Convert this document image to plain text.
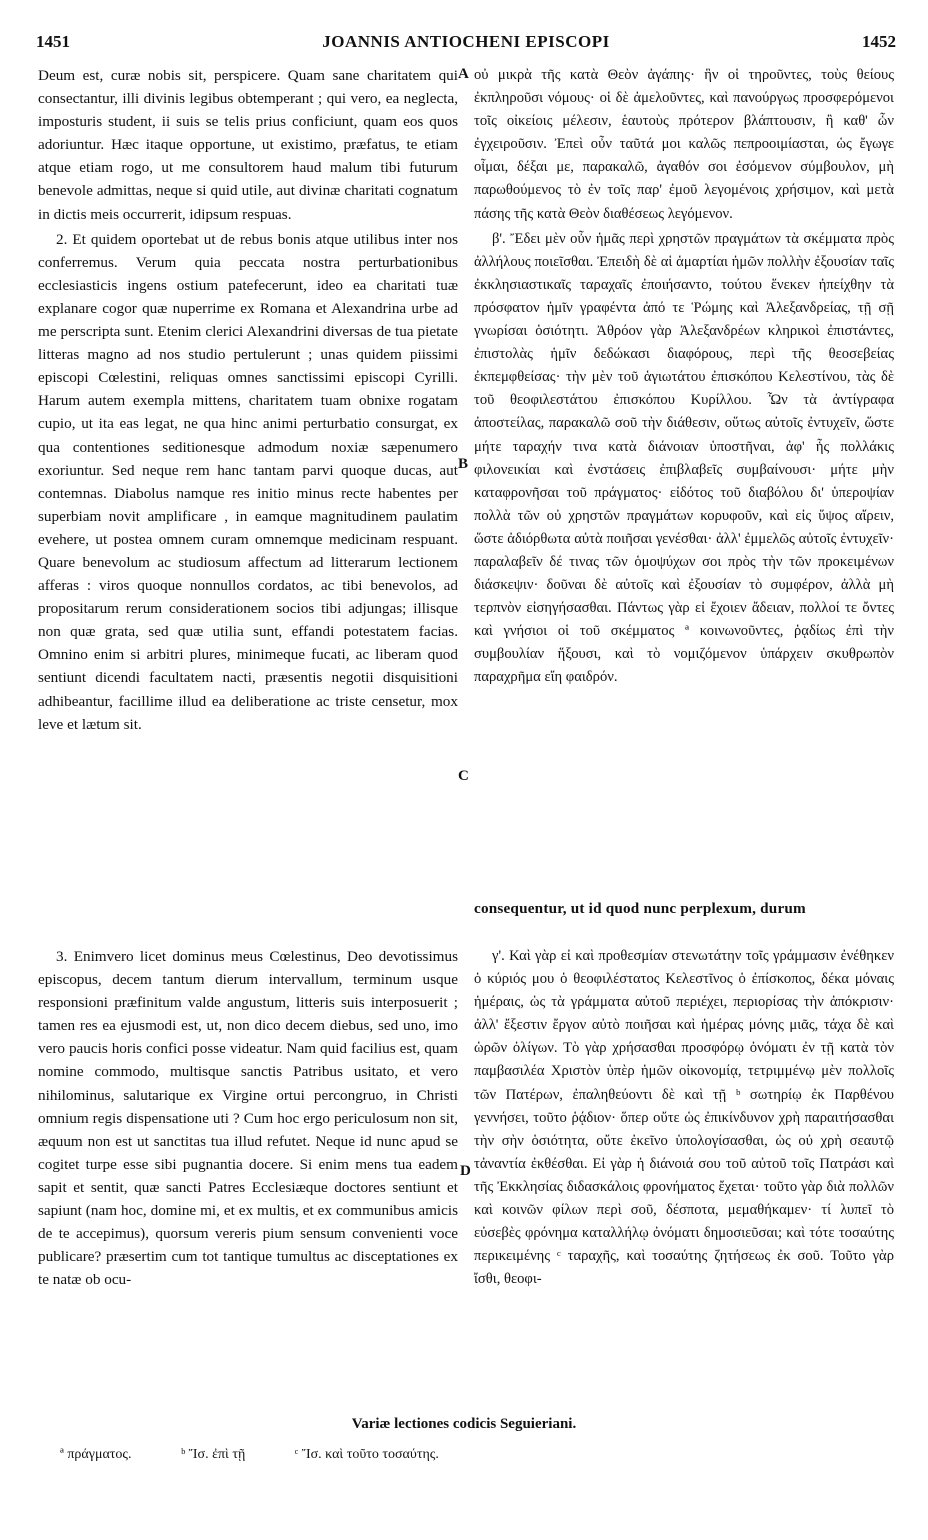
1451	JOANNIS ANTIOCHENI EPISCOPI	1452

Deum est, curæ nobis sit, perspicere. Quam sane charitatem qui consectantur, illi divinis legibus obtemperant ; qui vero, ea neglecta, imposturis student, ii suis se telis prius conficiunt, quam eos quos adoriuntur. Hæc itaque opportune, ut existimo, præfatus, te etiam atque etiam rogo, ut me consultorem haud malum tibi futurum benevole admittas, neque si quid utile, aut divinæ charitati cognatum in dictis meis occurrerit, idipsum respuas.

2. Et quidem oportebat ut de rebus bonis atque utilibus inter nos conferremus. Verum quia peccata nostra perturbationibus ecclesiasticis ingens ostium patefecerunt, ideo ea charitati tuæ explanare cogor quæ nuperrime ex Romana et Alexandrina urbe ad me perscripta sunt. Etenim clerici Alexandrini diversas de tua pietate litteras magno ad nos studio pertulerunt ; unas quidem piissimi episcopi Cœlestini, reliquas omnes sanctissimi episcopi Cyrilli. Harum autem exempla mittens, charitatem tuam obnixe rogatam cupio, ut ita eas legat, ne qua hinc animi perturbatio consurgat, ex qua contentiones seditionesque admodum noxiæ sæpenumero exoriuntur. Sed neque rem hanc tantam parvi quoque ducas, aut contemnas. Diabolus namque res initio minus recte habentes per superbiam novit amplificare , in eamque magnitudinem paulatim evehere, ut postea omnem curam omnemque medicinam respuant. Quare benevolum ac studiosum affectum ad litterarum lectionem afferas : viros quoque nonnullos cordatos, ac tibi benevolos, ad propositarum rerum considerationem socios tibi adjungas; illisque non quæ grata, sed quæ utilia sunt, effandi potestatem facias. Omnino enim si arbitri plures, minimeque fucati, ac liberam quod sentiunt dicendi facultatem nacti, præsentis negotii disquisitioni adhibeantur, facillime illud ea deliberatione ac triste censetur, mox leve et lætum sit.

3. Enimvero licet dominus meus Cœlestinus, Deo devotissimus episcopus, decem tantum dierum intervallum, terminum usque responsioni præfinitum valde angustum, litteris suis interposuerit ; tamen res ea ejusmodi est, ut, non dico decem diebus, sed uno, imo vero paucis horis confici posse videatur. Nam quid facilius est, quam nomine commodo, multisque sanctis Patribus usitato, et vero nihilominus, salutarique ex Virgine ortui percongruo, in Christi omnium regis dispensatione uti ? Cum hoc ergo periculosum non sit, æquum non est ut sanctitas tua illud refutet. Neque id nunc apud se cogitet turpe esse sibi pugnantia docere. Si enim mens tua eadem sapit et sentit, quæ sancti Patres Ecclesiæque doctores sentiunt et sapiunt (nam hoc, domine mi, et ex multis, et ex communibus amicis de te accepimus), quorsum vereris pium sensum convenienti voce publicare? præsertim cum tot tantique tumultus ac disceptationes ex te natæ ob ocu-

οὐ μικρὰ τῆς κατὰ Θεὸν ἀγάπης· ἣν οἱ τηροῦντες, τοὺς θείους ἐκπληροῦσι νόμους· οἱ δὲ ἀμελοῦντες, καὶ πανούργως προσφερόμενοι τοῖς οἰκείοις μέλεσιν, ἑαυτοὺς πρότερον βλάπτουσιν, ἢ καθ' ὧν ἐγχειροῦσιν. Ἐπεὶ οὖν ταῦτά μοι καλῶς πεπροοιμίασται, ὡς ἔγωγε οἶμαι, δέξαι με, παρακαλῶ, ἀγαθόν σοι ἐσόμενον σύμβουλον, μὴ παρωθούμενος τὸ ἐν τοῖς παρ' ἐμοῦ λεγομένοις χρήσιμον, καὶ μετὰ πάσης τῆς κατὰ Θεὸν διαθέσεως λεγόμενον.

β'. Ἔδει μὲν οὖν ἡμᾶς περὶ χρηστῶν πραγμάτων τὰ σκέμματα πρὸς ἀλλήλους ποιεῖσθαι. Ἐπειδὴ δὲ αἱ ἁμαρτίαι ἡμῶν πολλὴν ἐξουσίαν ταῖς ἐκκλησιαστικαῖς ταραχαῖς ἐποιήσαντο, τούτου ἕνεκεν ἠπείχθην τὰ πρόσφατον ἡμῖν γραφέντα ἀπό τε Ῥώμης καὶ Ἀλεξανδρείας, τῇ σῇ γνωρίσαι ὁσιότητι. Ἀθρόον γὰρ Ἀλεξανδρέων κληρικοὶ ἐπιστάντες, ἐπιστολὰς ἡμῖν δεδώκασι διαφόρους, περὶ τῆς θεοσεβείας ἐκπεμφθείσας· τὴν μὲν τοῦ ἁγιωτάτου ἐπισκόπου Κελεστίνου, τὰς δὲ τοῦ θεοφιλεστάτου ἐπισκόπου Κυρίλλου. Ὧν τὰ ἀντίγραφα ἀποστείλας, παρακαλῶ σοῦ τὴν διάθεσιν, οὕτως αὐτοῖς ἐντυχεῖν, ὥστε μήτε ταραχήν τινα κατὰ διάνοιαν ὑποστῆναι, ἀφ' ἧς πολλάκις φιλονεικίαι καὶ ἐνστάσεις ἐπιβλαβεῖς συμβαίνουσι· μήτε μὴν καταφρονῆσαι τοῦ πράγματος· εἰδότος τοῦ διαβόλου δι' ὑπεροψίαν πολλὰ τῶν οὐ χρηστῶν πραγμάτων κορυφοῦν, καὶ εἰς ὕψος αἴρειν, ὥστε ἀδιόρθωτα αὐτὰ ποιῆσαι γενέσθαι· ἀλλ' ἐμμελῶς αὐτοῖς ἐντυχεῖν· παραλαβεῖν δέ τινας τῶν ὁμοψύχων σοι πρὸς τὴν τῶν προκειμένων διάσκεψιν· δοῦναι δὲ αὐτοῖς καὶ ἐξουσίαν τὸ συμφέρον, ἀλλὰ μὴ τερπνὸν εἰσηγήσασθαι. Πάντως γὰρ εἰ ἔχοιεν ἄδειαν, πολλοί τε ὄντες καὶ γνήσιοι οἱ τοῦ σκέμματος ª κοινωνοῦντες, ῥᾳδίως ἐπὶ τὴν συμβουλίαν ἥξουσι, καὶ τὸ νομιζόμενον ὑπάρχειν σκυθρωπὸν παραχρῆμα εἴη φαιδρόν.

consequentur, ut id quod nunc perplexum, durum

γ'. Καὶ γὰρ εἰ καὶ προθεσμίαν στενωτάτην τοῖς γράμμασιν ἐνέθηκεν ὁ κύριός μου ὁ θεοφιλέστατος Κελεστῖνος ὁ ἐπίσκοπος, δέκα μόναις ἡμέραις, ὡς τὰ γράμματα αὐτοῦ περιέχει, περιορίσας τὴν ἀπόκρισιν· ἀλλ' ἔξεστιν ἔργον αὐτὸ ποιῆσαι καὶ ἡμέρας μόνης μιᾶς, τάχα δὲ καὶ ὡρῶν ὀλίγων. Τὸ γὰρ χρήσασθαι προσφόρῳ ὀνόματι ἐν τῇ κατὰ τὸν παμβασιλέα Χριστὸν ὑπὲρ ἡμῶν οἰκονομίᾳ, τετριμμένῳ μὲν πολλοῖς τῶν Πατέρων, ἐπαληθεύοντι δὲ καὶ τῇ ᵇ σωτηρίῳ ἐκ Παρθένου γεννήσει, τοῦτο ῥᾴδιον· ὅπερ οὔτε ὡς ἐπικίνδυνον χρὴ παραιτήσασθαι τὴν σὴν ὁσιότητα, οὔτε ἐκεῖνο ὑπολογίσασθαι, ὡς οὐ χρὴ σεαυτῷ τἀναντία ἐκθέσθαι. Εἰ γὰρ ἡ διάνοιά σου τοῦ αὐτοῦ τοῖς Πατράσι καὶ τῆς Ἐκκλησίας διδασκάλοις φρονήματος ἔχεται· τοῦτο γὰρ διὰ πολλῶν καὶ κοινῶν φίλων περὶ σοῦ, δέσποτα, μεμαθήκαμεν· τί λυπεῖ τὸ εὐσεβὲς φρόνημα καταλλήλῳ ὀνόματι δημοσιεῦσαι; καὶ τότε τοσαύτης περικειμένης ᶜ ταραχῆς, καὶ τοσαύτης ζητήσεως ἐκ σοῦ. Τοῦτο γὰρ ἴσθι, θεοφι-

A
B
C
D
Variæ lectiones codicis Seguieriani.
ª πράγματος.	ᵇ Ἴσ. ἐπὶ τῇ	ᶜ Ἴσ. καὶ τοῦτο τοσαύτης.
